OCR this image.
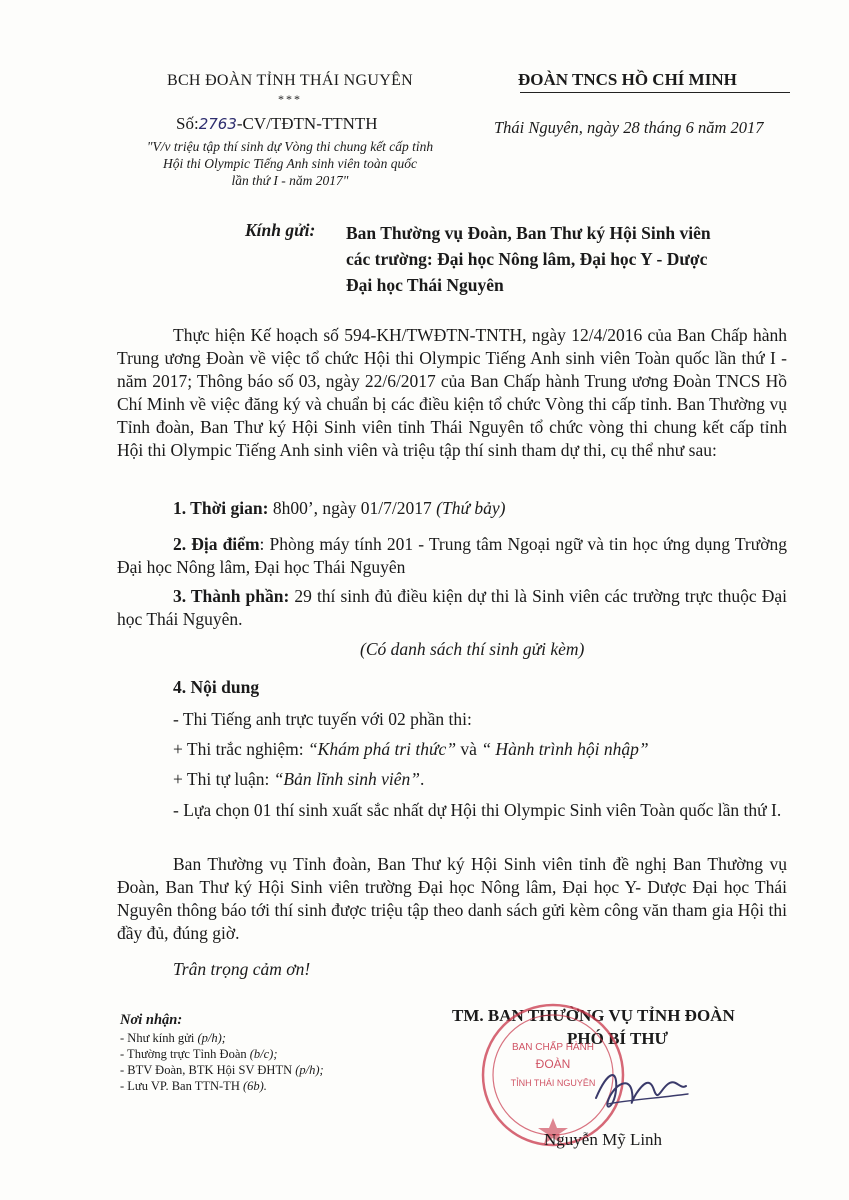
BCH ĐOÀN TỈNH THÁI NGUYÊN
***
Số:2763-CV/TĐTN-TTNTH
"V/v triệu tập thí sinh dự Vòng thi chung kết cấp tỉnh
Hội thi Olympic Tiếng Anh sinh viên toàn quốc
lần thứ I - năm 2017"
ĐOÀN TNCS HỒ CHÍ MINH
Thái Nguyên, ngày 28 tháng 6 năm 2017
Kính gửi: Ban Thường vụ Đoàn, Ban Thư ký Hội Sinh viên
các trường: Đại học Nông lâm, Đại học Y - Dược
Đại học Thái Nguyên
Thực hiện Kế hoạch số 594-KH/TWĐTN-TNTH, ngày 12/4/2016 của Ban Chấp hành Trung ương Đoàn về việc tổ chức Hội thi Olympic Tiếng Anh sinh viên Toàn quốc lần thứ I - năm 2017; Thông báo số 03, ngày 22/6/2017 của Ban Chấp hành Trung ương Đoàn TNCS Hồ Chí Minh về việc đăng ký và chuẩn bị các điều kiện tổ chức Vòng thi cấp tỉnh. Ban Thường vụ Tỉnh đoàn, Ban Thư ký Hội Sinh viên tỉnh Thái Nguyên tổ chức vòng thi chung kết cấp tỉnh Hội thi Olympic Tiếng Anh sinh viên và triệu tập thí sinh tham dự thi, cụ thể như sau:
1. Thời gian: 8h00’, ngày 01/7/2017 (Thứ bảy)
2. Địa điểm: Phòng máy tính 201 - Trung tâm Ngoại ngữ và tin học ứng dụng Trường Đại học Nông lâm, Đại học Thái Nguyên
3. Thành phần: 29 thí sinh đủ điều kiện dự thi là Sinh viên các trường trực thuộc Đại học Thái Nguyên.
(Có danh sách thí sinh gửi kèm)
4. Nội dung
- Thi Tiếng anh trực tuyến với 02 phần thi:
+ Thi trắc nghiệm: “Khám phá tri thức” và “ Hành trình hội nhập”
+ Thi tự luận: “Bản lĩnh sinh viên”.
- Lựa chọn 01 thí sinh xuất sắc nhất dự Hội thi Olympic Sinh viên Toàn quốc lần thứ I.
Ban Thường vụ Tỉnh đoàn, Ban Thư ký Hội Sinh viên tỉnh đề nghị Ban Thường vụ Đoàn, Ban Thư ký Hội Sinh viên trường Đại học Nông lâm, Đại học Y- Dược Đại học Thái Nguyên thông báo tới thí sinh được triệu tập theo danh sách gửi kèm công văn tham gia Hội thi đầy đủ, đúng giờ.
Trân trọng cảm ơn!
Nơi nhận:
- Như kính gửi (p/h);
- Thường trực Tỉnh Đoàn (b/c);
- BTV Đoàn, BTK Hội SV ĐHTN (p/h);
- Lưu VP. Ban TTN-TH (6b).
TM. BAN THƯỜNG VỤ TỈNH ĐOÀN
PHÓ BÍ THƯ
BAN CHẤP HÀNH
ĐOÀN
TỈNH THÁI NGUYÊN
Nguyễn Mỹ Linh
